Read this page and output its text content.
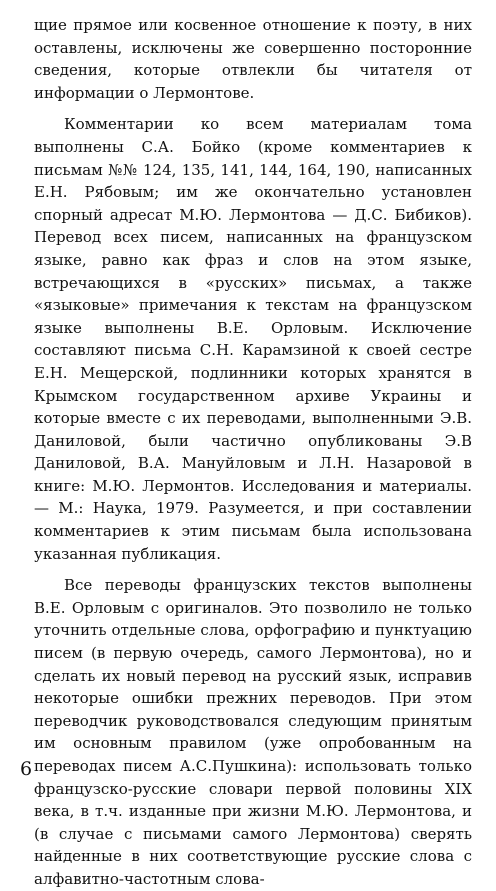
щие прямое или косвенное отношение к поэту, в них оставлены, исключены же совершенно посторонние сведения, которые отвлекли бы читателя от информации о Лермонтове.

Комментарии ко всем материалам тома выполнены С.А. Бойко (кроме комментариев к письмам №№ 124, 135, 141, 144, 164, 190, написанных Е.Н. Рябовым; им же окончательно установлен спорный адресат М.Ю. Лермонтова — Д.С. Бибиков). Перевод всех писем, написанных на французском языке, равно как фраз и слов на этом языке, встречающихся в «русских» письмах, а также «языковые» примечания к текстам на французском языке выполнены В.Е. Орловым. Исключение составляют письма С.Н. Карамзиной к своей сестре Е.Н. Мещерской, подлинники которых хранятся в Крымском государственном архиве Украины и которые вместе с их переводами, выполненными Э.В. Даниловой, были частично опубликованы Э.В Даниловой, В.А. Мануйловым и Л.Н. Назаровой в книге: М.Ю. Лермонтов. Исследования и материалы. — М.: Наука, 1979. Разумеется, и при составлении комментариев к этим письмам была использована указанная публикация.

Все переводы французских текстов выполнены В.Е. Орловым с оригиналов. Это позволило не только уточнить отдельные слова, орфографию и пунктуацию писем (в первую очередь, самого Лермонтова), но и сделать их новый перевод на русский язык, исправив некоторые ошибки прежних переводов. При этом переводчик руководствовался следующим принятым им основным правилом (уже опробованным на переводах писем А.С.Пушкина): использовать только французско-русские словари первой половины XIX века, в т.ч. изданные при жизни М.Ю. Лермонтова, и (в случае с письмами самого Лермонтова) сверять найденные в них соответствующие русские слова с алфавитно-частотным слова-

6
